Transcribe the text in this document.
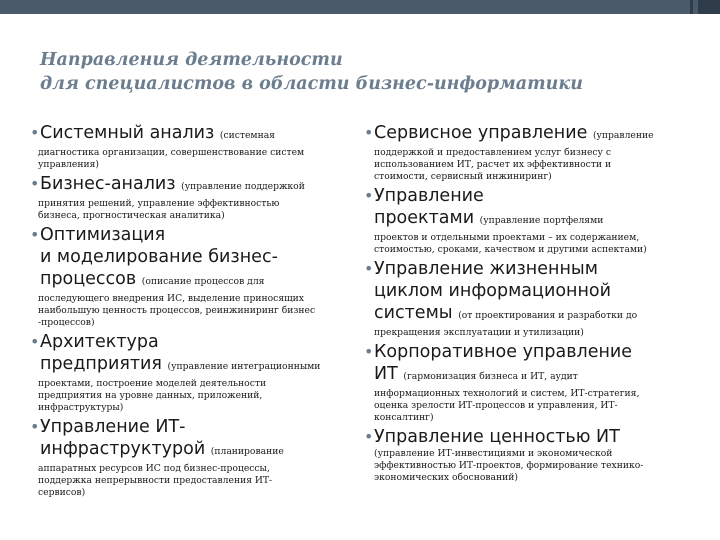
Направления деятельности
для специалистов в области бизнес-информатики
• Системный анализ (системная
диагностика организации, совершенствование систем
управления)
• Бизнес-анализ (управление поддержкой
принятия решений, управление эффективностью
бизнеса, прогностическая аналитика)
• Оптимизация
и моделирование бизнес-
процессов (описание процессов для
последующего внедрения ИС, выделение приносящих
наибольшую ценность процессов, реинжиниринг бизнес
-процессов)
• Архитектура
предприятия (управление интеграционными
проектами, построение моделей деятельности
предприятия на уровне данных, приложений,
инфраструктуры)
• Управление ИТ-
инфраструктурой (планирование
аппаратных ресурсов ИС под бизнес-процессы,
поддержка непрерывности предоставления ИТ-
сервисов)
• Сервисное управление (управление
поддержкой и предоставлением услуг бизнесу с
использованием ИТ, расчет их эффективности и
стоимости, сервисный инжиниринг)
• Управление
проектами (управление портфелями
проектов и отдельными проектами – их содержанием,
стоимостью, сроками, качеством и другими аспектами)
• Управление жизненным
циклом информационной
системы (от проектирования и разработки до
прекращения эксплуатации и утилизации)
• Корпоративное управление
ИТ (гармонизация бизнеса и ИТ, аудит
информационных технологий и систем, ИТ-стратегия,
оценка зрелости ИТ-процессов и управления, ИТ-
консалтинг)
• Управление ценностью ИТ
(управление ИТ-инвестициями и экономической
эффективностью ИТ-проектов, формирование технико-
экономических обоснований)
